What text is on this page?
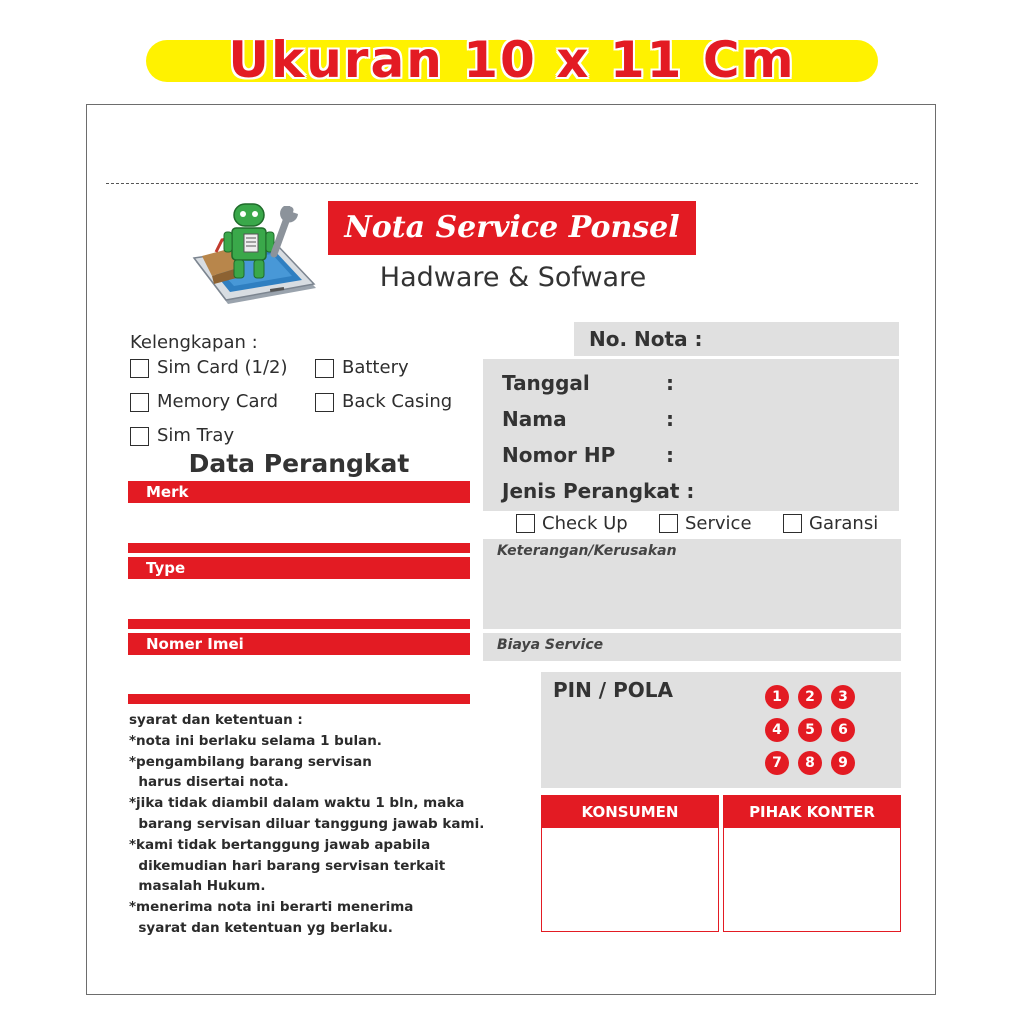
Ukuran 10 x 11 Cm
Nota Service Ponsel
Hadware & Sofware
Kelengkapan :
Sim Card (1/2)	Battery
Memory Card	Back Casing
Sim Tray
Data Perangkat
Merk
Type
Nomer Imei
syarat dan ketentuan :
*nota ini berlaku selama 1 bulan.
*pengambilang barang servisan
harus disertai nota.
*jika tidak diambil dalam waktu 1 bln, maka
barang servisan diluar tanggung jawab kami.
*kami tidak bertanggung jawab apabila
dikemudian hari barang servisan terkait
masalah Hukum.
*menerima nota ini berarti menerima
syarat dan ketentuan yg berlaku.
No. Nota :
Tanggal	:
Nama	:
Nomor HP	:
Jenis Perangkat :
Check Up	Service	Garansi
Keterangan/Kerusakan
Biaya Service
PIN / POLA	1	2	3
4	5	6
7	8	9
KONSUMEN	PIHAK KONTER
